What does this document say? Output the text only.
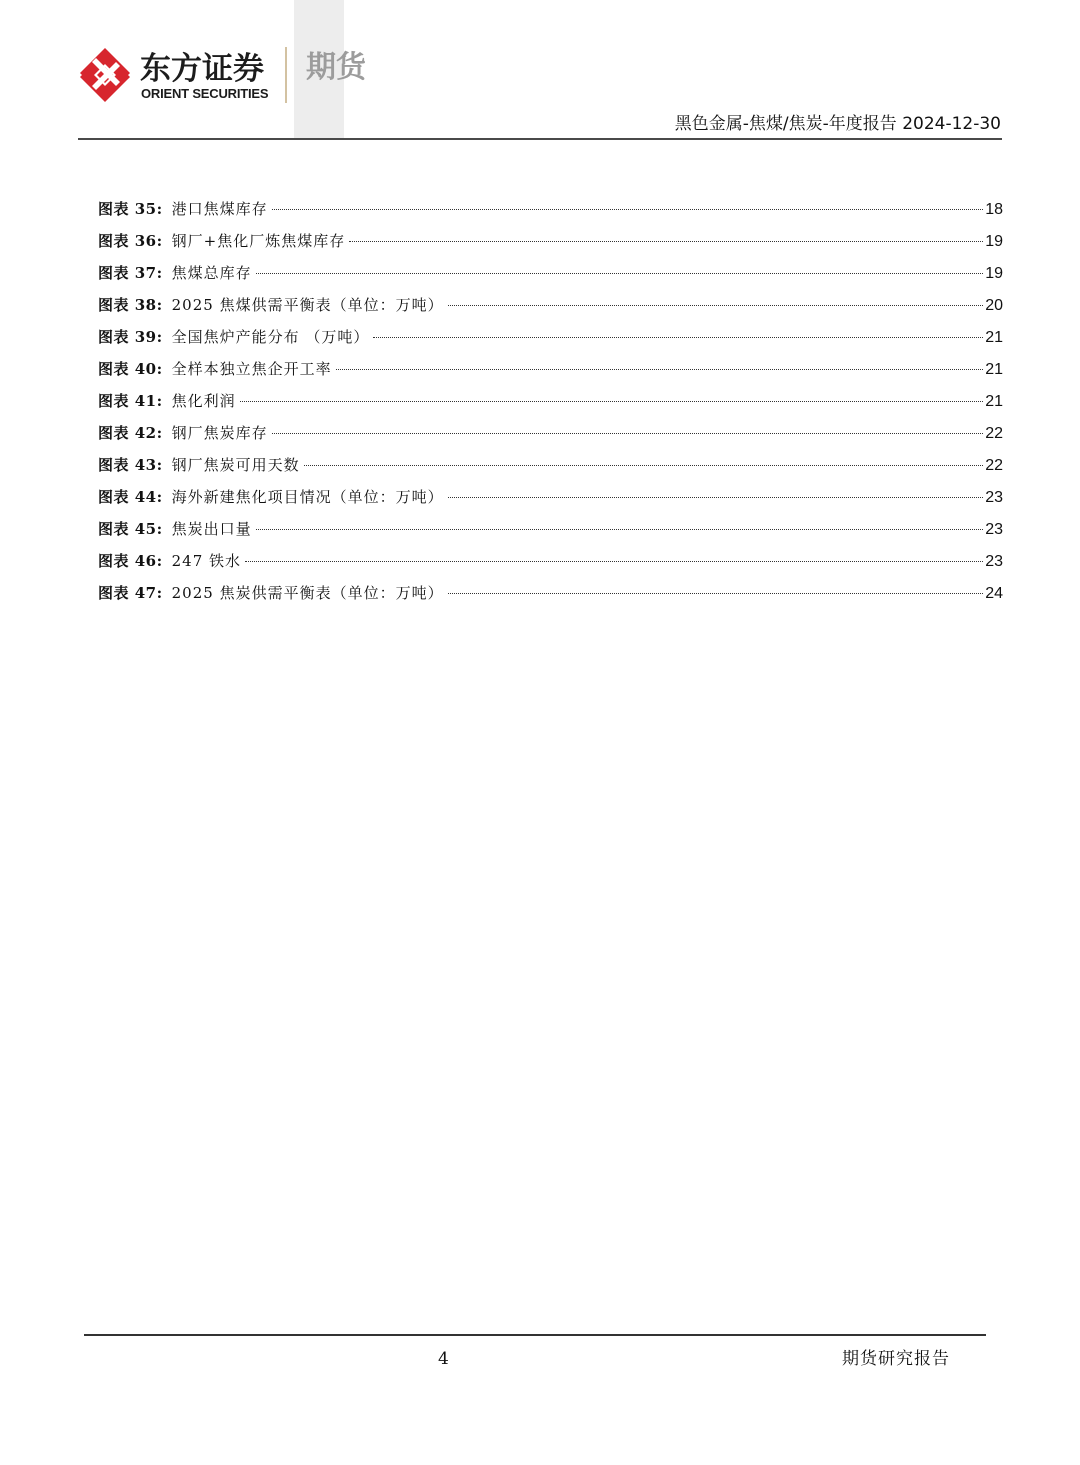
东方证券
ORIENT SECURITIES
期货
黑色金属-焦煤/焦炭-年度报告 2024-12-30
图表 35: 港口焦煤库存	18
图表 36: 钢厂+焦化厂炼焦煤库存	19
图表 37: 焦煤总库存	19
图表 38: 2025 焦煤供需平衡表（单位：万吨）	20
图表 39: 全国焦炉产能分布 （万吨）	21
图表 40: 全样本独立焦企开工率	21
图表 41: 焦化利润	21
图表 42: 钢厂焦炭库存	22
图表 43: 钢厂焦炭可用天数	22
图表 44: 海外新建焦化项目情况（单位：万吨）	23
图表 45: 焦炭出口量	23
图表 46: 247 铁水	23
图表 47: 2025 焦炭供需平衡表（单位：万吨）	24
4	期货研究报告
